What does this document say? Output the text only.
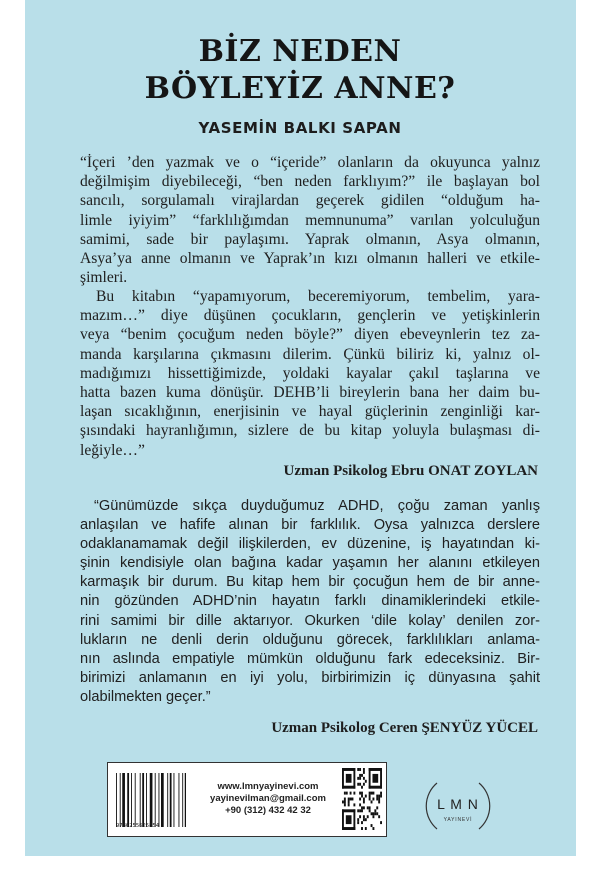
BİZ NEDEN
BÖYLEYİZ ANNE?
YASEMİN BALKI SAPAN
“İçeri ’den yazmak ve o “içeride” olanların da okuyunca yalnız
değilmişim diyebileceği, “ben neden farklıyım?” ile başlayan bol
sancılı, sorgulamalı virajlardan geçerek gidilen “olduğum ha-
limle iyiyim” “farklılığımdan memnunuma” varılan yolculuğun
samimi, sade bir paylaşımı. Yaprak olmanın, Asya olmanın,
Asya’ya anne olmanın ve Yaprak’ın kızı olmanın halleri ve etkile-
şimleri.
Bu kitabın “yapamıyorum, beceremiyorum, tembelim, yara-
mazım…” diye düşünen çocukların, gençlerin ve yetişkinlerin
veya “benim çocuğum neden böyle?” diyen ebeveynlerin tez za-
manda karşılarına çıkmasını dilerim. Çünkü biliriz ki, yalnız ol-
madığımızı hissettiğimizde, yoldaki kayalar çakıl taşlarına ve
hatta bazen kuma dönüşür. DEHB’li bireylerin bana her daim bu-
laşan sıcaklığının, enerjisinin ve hayal güçlerinin zenginliği kar-
şısındaki hayranlığımın, sizlere de bu kitap yoluyla bulaşması di-
leğiyle…”
Uzman Psikolog Ebru ONAT ZOYLAN
“Günümüzde sıkça duyduğumuz ADHD, çoğu zaman yanlış
anlaşılan ve hafife alınan bir farklılık. Oysa yalnızca derslere
odaklanamamak değil ilişkilerden, ev düzenine, iş hayatından ki-
şinin kendisiyle olan bağına kadar yaşamın her alanını etkileyen
karmaşık bir durum. Bu kitap hem bir çocuğun hem de bir anne-
nin gözünden ADHD’nin hayatın farklı dinamiklerindeki etkile-
rini samimi bir dille aktarıyor. Okurken ‘dile kolay’ denilen zor-
lukların ne denli derin olduğunu görecek, farklılıkları anlama-
nın aslında empatiyle mümkün olduğunu fark edeceksiniz. Bir-
birimizi anlamanın en iyi yolu, birbirimizin iç dünyasına şahit
olabilmekten geçer.”
Uzman Psikolog Ceren ŞENYÜZ YÜCEL
9786255625854
www.lmnyayinevi.com
yayinevilman@gmail.com
+90 (312) 432 42 32	L M N
YAYINEVİ
